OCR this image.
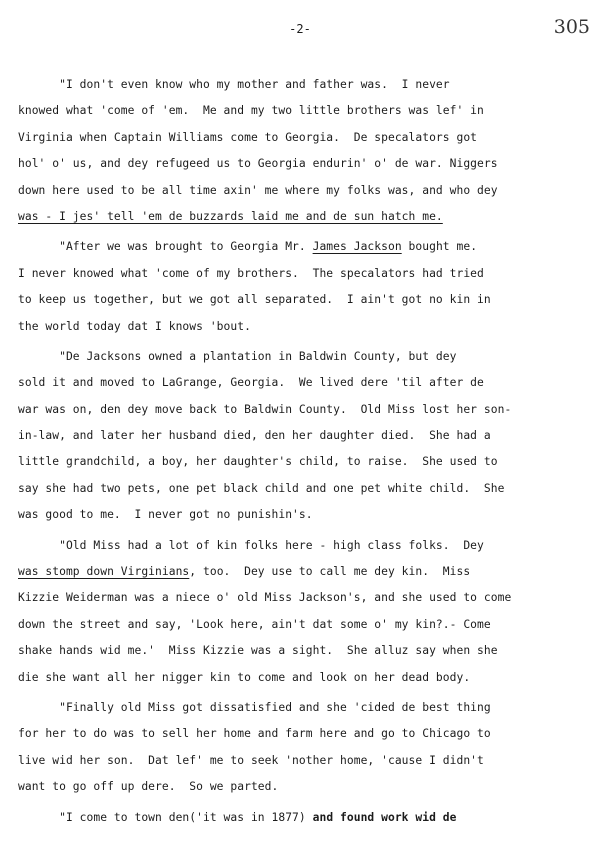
-2-	305
"I don't even know who my mother and father was.  I never
knowed what 'come of 'em.  Me and my two little brothers was lef' in
Virginia when Captain Williams come to Georgia.  De specalators got
hol' o' us, and dey refugeed us to Georgia endurin' o' de war. Niggers
down here used to be all time axin' me where my folks was, and who dey
was - I jes' tell 'em de buzzards laid me and de sun hatch me.
"After we was brought to Georgia Mr. James Jackson bought me.
I never knowed what 'come of my brothers.  The specalators had tried
to keep us together, but we got all separated.  I ain't got no kin in
the world today dat I knows 'bout.
"De Jacksons owned a plantation in Baldwin County, but dey
sold it and moved to LaGrange, Georgia.  We lived dere 'til after de
war was on, den dey move back to Baldwin County.  Old Miss lost her son-
in-law, and later her husband died, den her daughter died.  She had a
little grandchild, a boy, her daughter's child, to raise.  She used to
say she had two pets, one pet black child and one pet white child.  She
was good to me.  I never got no punishin's.
"Old Miss had a lot of kin folks here - high class folks.  Dey
was stomp down Virginians, too.  Dey use to call me dey kin.  Miss
Kizzie Weiderman was a niece o' old Miss Jackson's, and she used to come
down the street and say, 'Look here, ain't dat some o' my kin?.- Come
shake hands wid me.'  Miss Kizzie was a sight.  She alluz say when she
die she want all her nigger kin to come and look on her dead body.
"Finally old Miss got dissatisfied and she 'cided de best thing
for her to do was to sell her home and farm here and go to Chicago to
live wid her son.  Dat lef' me to seek 'nother home, 'cause I didn't
want to go off up dere.  So we parted.
"I come to town den('it was in 1877) and found work wid de
